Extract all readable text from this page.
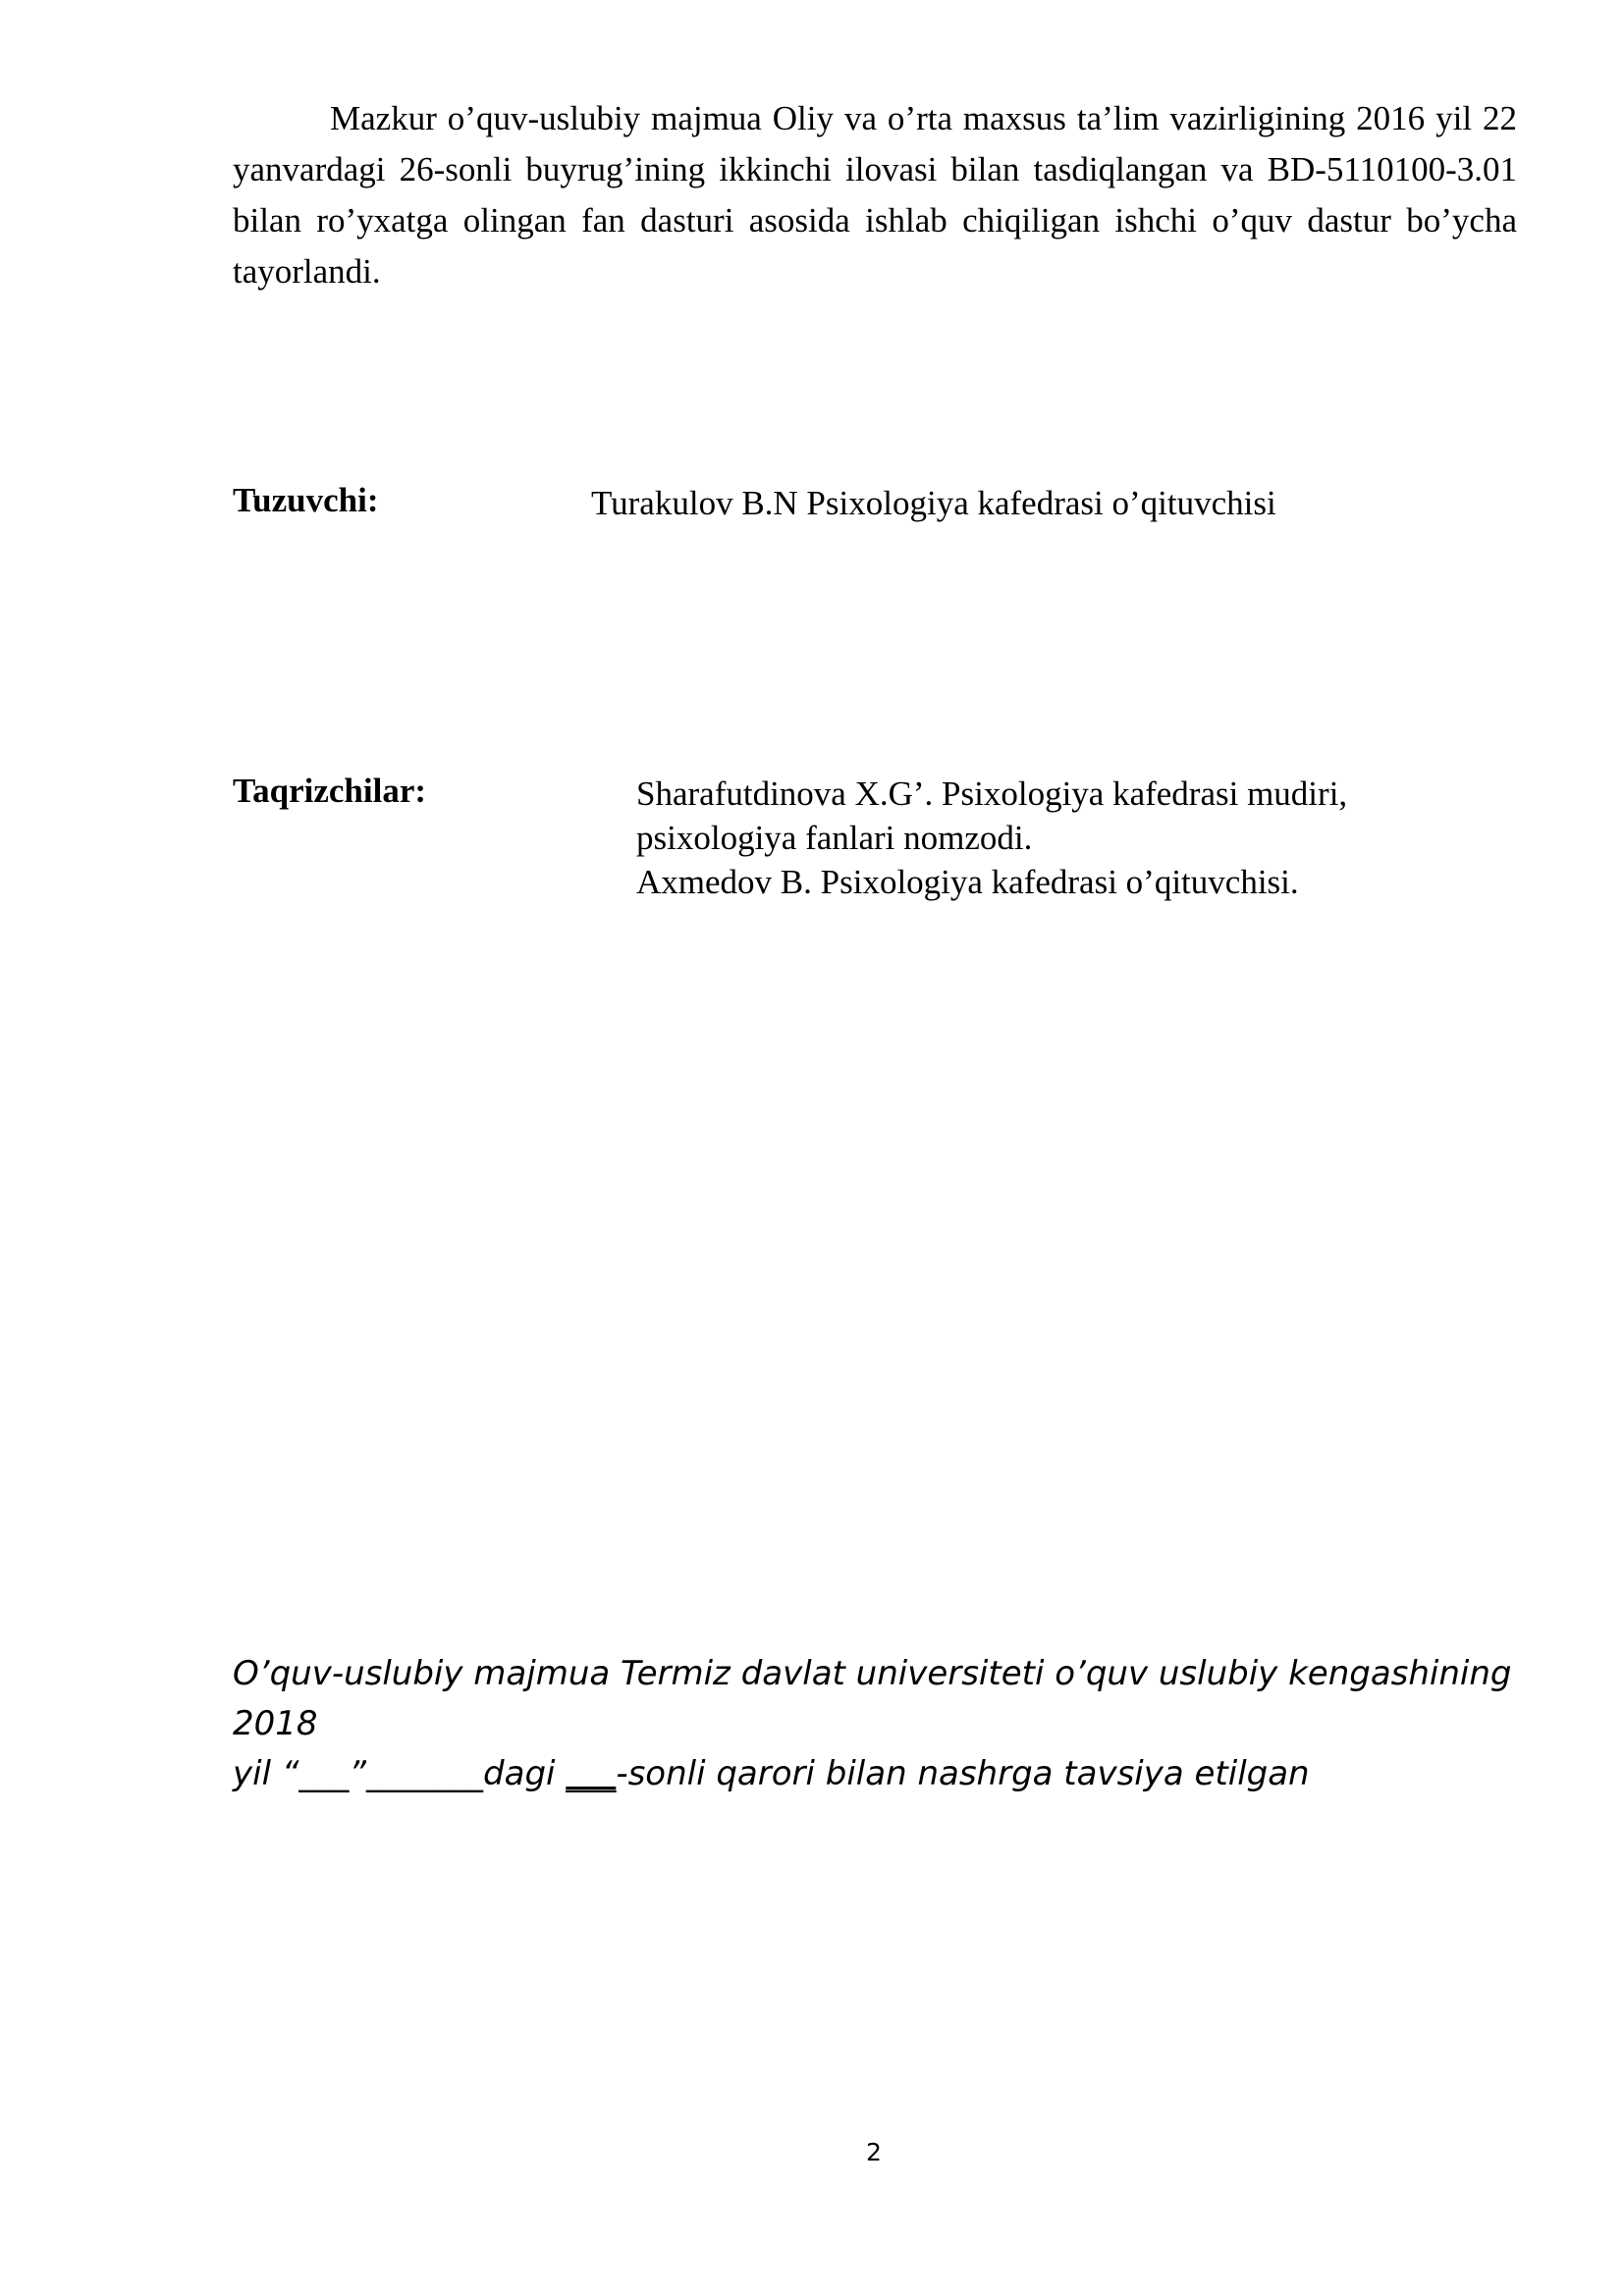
Mazkur o’quv-uslubiy majmua Oliy va o’rta maxsus ta’lim vazirligining 2016 yil 22 yanvardagi 26-sonli buyrug’ining ikkinchi ilovasi bilan tasdiqlangan va BD-5110100-3.01 bilan ro’yxatga olingan fan dasturi asosida ishlab chiqiligan ishchi o’quv dastur bo’ycha tayorlandi.

Tuzuvchi:	Turakulov B.N Psixologiya kafedrasi o’qituvchisi

Taqrizchilar:	Sharafutdinova X.G’. Psixologiya kafedrasi mudiri,
psixologiya fanlari nomzodi.
Axmedov B. Psixologiya kafedrasi o’qituvchisi.

O’quv-uslubiy majmua Termiz davlat universiteti o’quv uslubiy kengashining 2018
yil “___”_______dagi ___-sonli qarori bilan nashrga tavsiya etilgan

2
